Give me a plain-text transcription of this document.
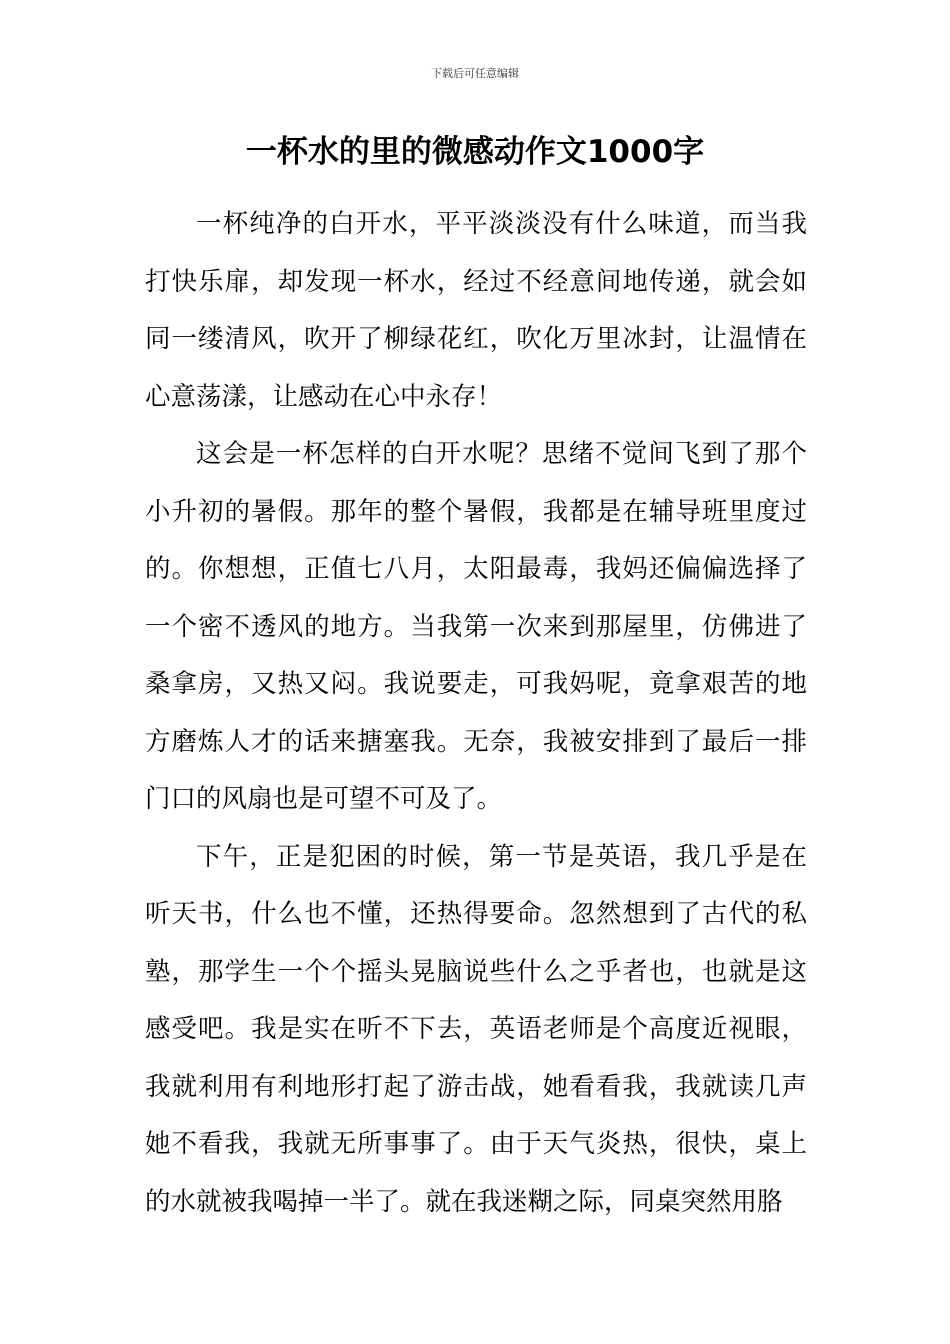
下载后可任意编辑
一杯水的里的微感动作文1000字

一杯纯净的白开水，平平淡淡没有什么味道，而当我打快乐扉，却发现一杯水，经过不经意间地传递，就会如同一缕清风，吹开了柳绿花红，吹化万里冰封，让温情在心意荡漾，让感动在心中永存！

这会是一杯怎样的白开水呢？思绪不觉间飞到了那个小升初的暑假。那年的整个暑假，我都是在辅导班里度过的。你想想，正值七八月，太阳最毒，我妈还偏偏选择了一个密不透风的地方。当我第一次来到那屋里，仿佛进了桑拿房，又热又闷。我说要走，可我妈呢，竟拿艰苦的地方磨炼人才的话来搪塞我。无奈，我被安排到了最后一排门口的风扇也是可望不可及了。

下午，正是犯困的时候，第一节是英语，我几乎是在听天书，什么也不懂，还热得要命。忽然想到了古代的私塾，那学生一个个摇头晃脑说些什么之乎者也，也就是这感受吧。我是实在听不下去，英语老师是个高度近视眼，我就利用有利地形打起了游击战，她看看我，我就读几声她不看我，我就无所事事了。由于天气炎热，很快，桌上的水就被我喝掉一半了。就在我迷糊之际，同桌突然用胳
